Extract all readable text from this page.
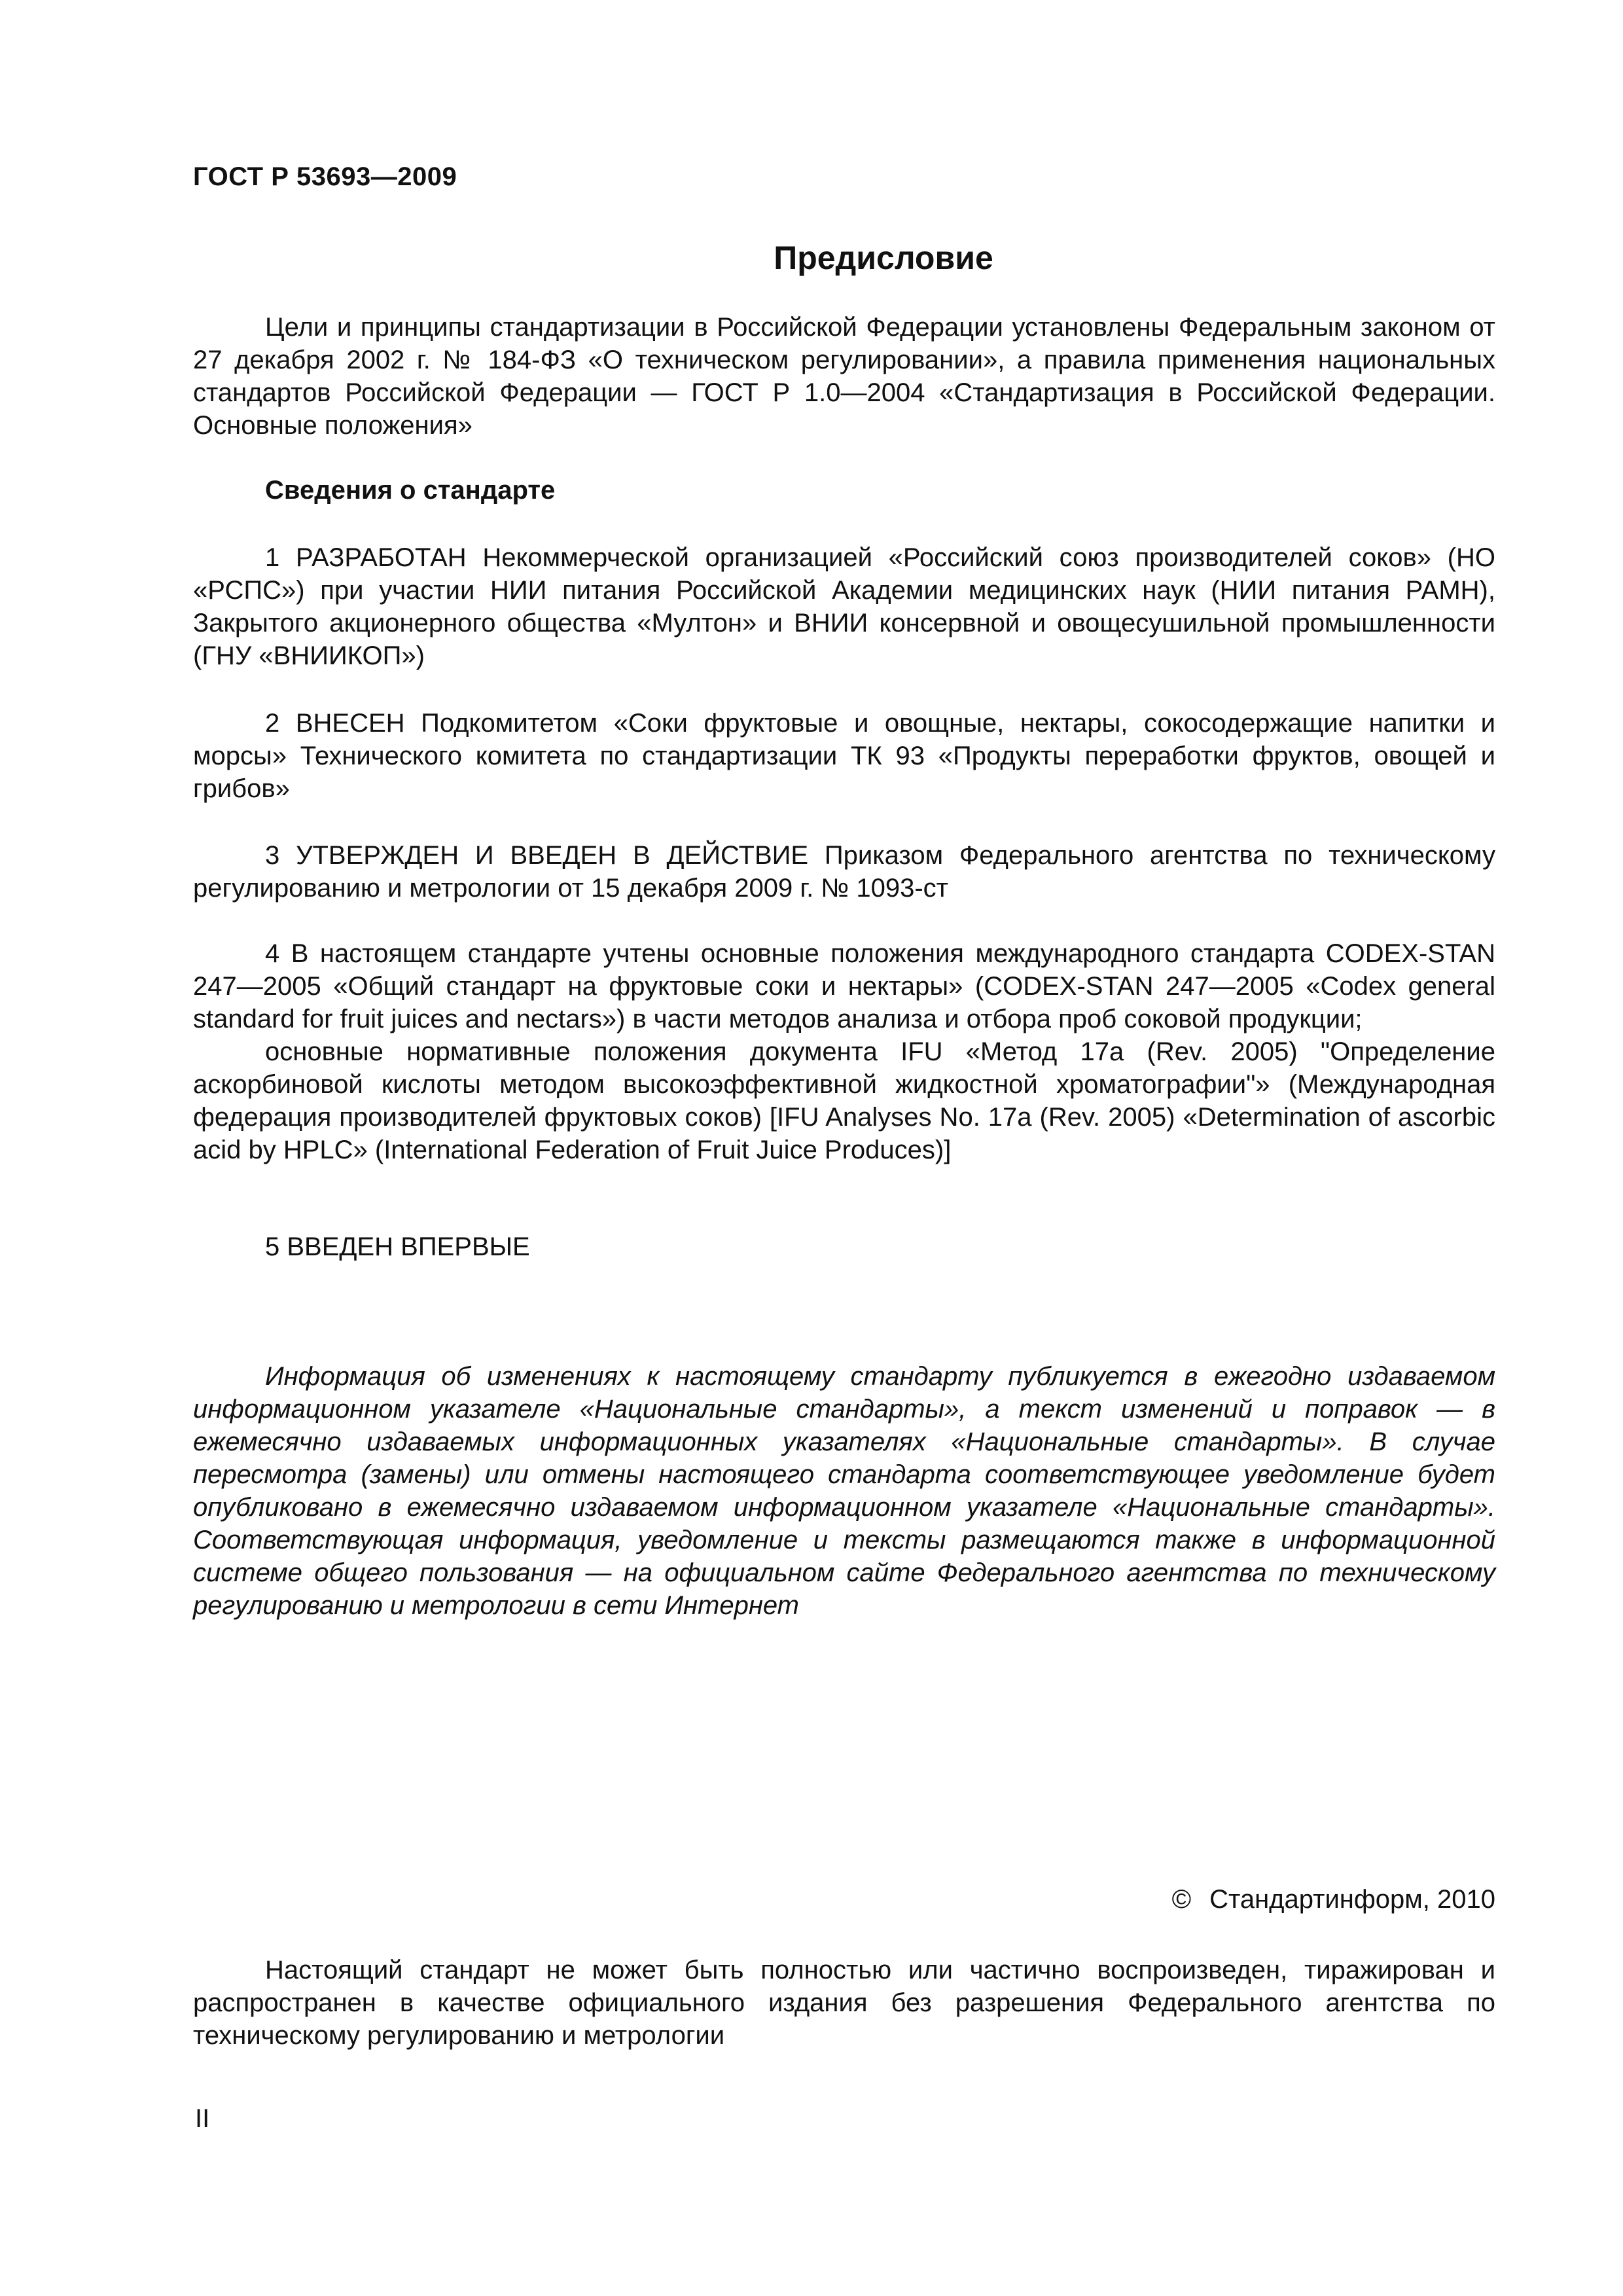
ГОСТ Р 53693—2009
Предисловие

Цели и принципы стандартизации в Российской Федерации установлены Федеральным законом от 27 декабря 2002 г. № 184-ФЗ «О техническом регулировании», а правила применения национальных стандартов Российской Федерации — ГОСТ Р 1.0—2004 «Стандартизация в Российской Федерации. Основные положения»

Сведения о стандарте

1 РАЗРАБОТАН Некоммерческой организацией «Российский союз производителей соков» (НО «РСПС») при участии НИИ питания Российской Академии медицинских наук (НИИ питания РАМН), Закрытого акционерного общества «Мултон» и ВНИИ консервной и овощесушильной промышленности (ГНУ «ВНИИКОП»)

2 ВНЕСЕН Подкомитетом «Соки фруктовые и овощные, нектары, сокосодержащие напитки и морсы» Технического комитета по стандартизации ТК 93 «Продукты переработки фруктов, овощей и грибов»

3 УТВЕРЖДЕН И ВВЕДЕН В ДЕЙСТВИЕ Приказом Федерального агентства по техническому регулированию и метрологии от 15 декабря 2009 г. № 1093-ст

4 В настоящем стандарте учтены основные положения международного стандарта CODEX-STAN 247—2005 «Общий стандарт на фруктовые соки и нектары» (CODEX-STAN 247—2005 «Codex general standard for fruit juices and nectars») в части методов анализа и отбора проб соковой продукции;

основные нормативные положения документа IFU «Метод 17а (Rev. 2005) "Определение аскорбиновой кислоты методом высокоэффективной жидкостной хроматографии"» (Международная федерация производителей фруктовых соков) [IFU Analyses No. 17a (Rev. 2005) «Determination of ascorbic acid by HPLC» (International Federation of Fruit Juice Produces)]

5 ВВЕДЕН ВПЕРВЫЕ

Информация об изменениях к настоящему стандарту публикуется в ежегодно издаваемом информационном указателе «Национальные стандарты», а текст изменений и поправок — в ежемесячно издаваемых информационных указателях «Национальные стандарты». В случае пересмотра (замены) или отмены настоящего стандарта соответствующее уведомление будет опубликовано в ежемесячно издаваемом информационном указателе «Национальные стандарты». Соответствующая информация, уведомление и тексты размещаются также в информационной системе общего пользования — на официальном сайте Федерального агентства по техническому регулированию и метрологии в сети Интернет

© Стандартинформ, 2010

Настоящий стандарт не может быть полностью или частично воспроизведен, тиражирован и распространен в качестве официального издания без разрешения Федерального агентства по техническому регулированию и метрологии

II
